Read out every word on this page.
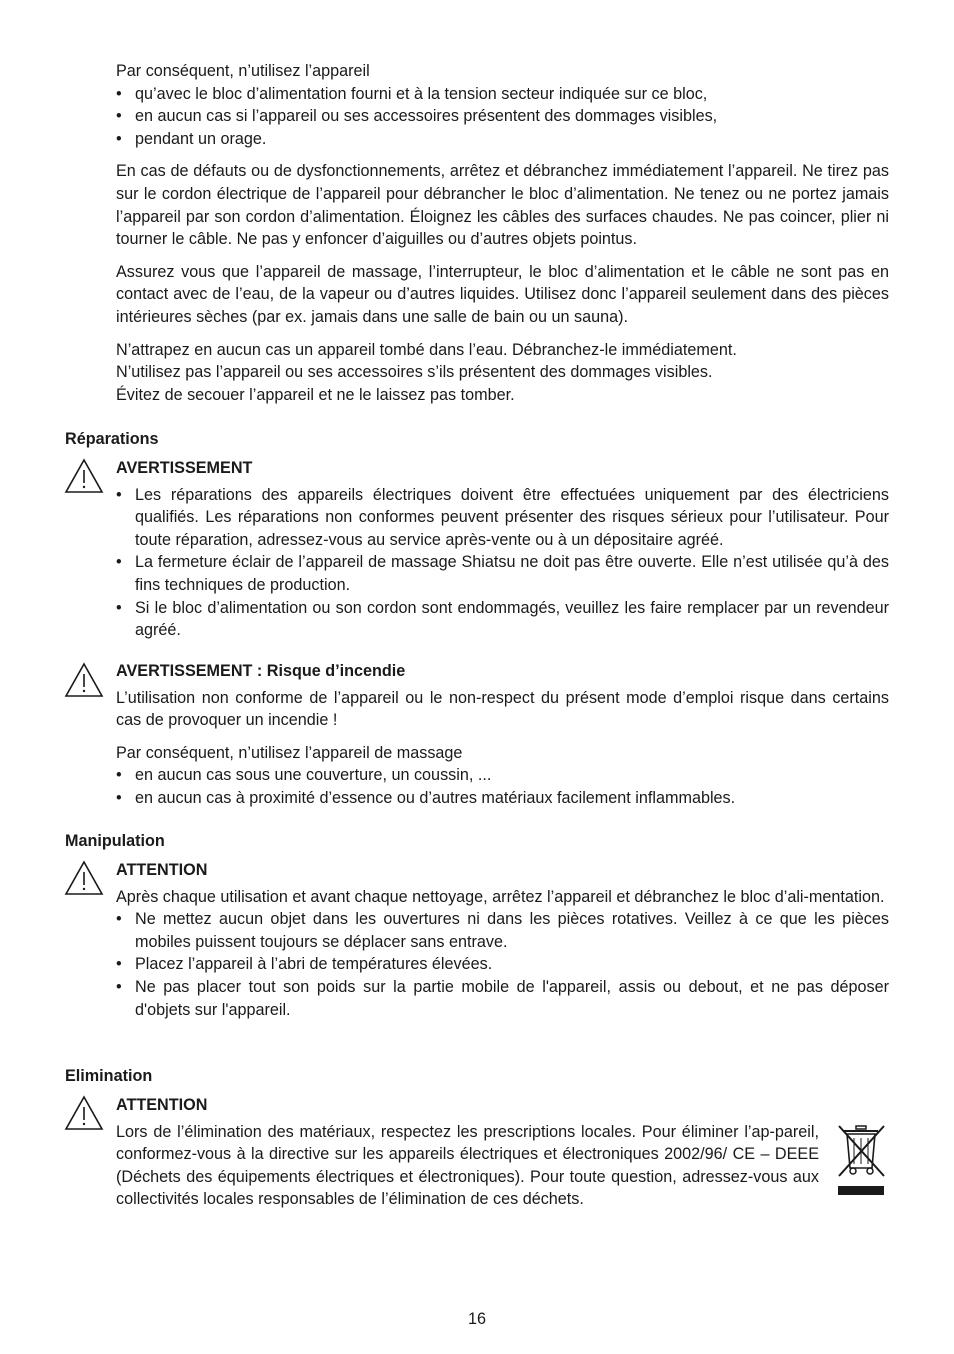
Par conséquent, n’utilisez l’appareil

• qu’avec le bloc d’alimentation fourni et à la tension secteur indiquée sur ce bloc,
• en aucun cas si l’appareil ou ses accessoires présentent des dommages visibles,
• pendant un orage.

En cas de défauts ou de dysfonctionnements, arrêtez et débranchez immédiatement l’appareil. Ne tirez pas sur le cordon électrique de l’appareil pour débrancher le bloc d’alimentation. Ne tenez ou ne portez jamais l’appareil par son cordon d’alimentation. Éloignez les câbles des surfaces chaudes. Ne pas coincer, plier ni tourner le câble. Ne pas y enfoncer d’aiguilles ou d’autres objets pointus.

Assurez vous que l’appareil de massage, l’interrupteur, le bloc d’alimentation et le câble ne sont pas en contact avec de l’eau, de la vapeur ou d’autres liquides. Utilisez donc l’appareil seulement dans des pièces intérieures sèches (par ex. jamais dans une salle de bain ou un sauna).

N’attrapez en aucun cas un appareil tombé dans l’eau. Débranchez-le immédiatement.

N’utilisez pas l’appareil ou ses accessoires s’ils présentent des dommages visibles.

Évitez de secouer l’appareil et ne le laissez pas tomber.

Réparations
AVERTISSEMENT
• Les réparations des appareils électriques doivent être effectuées uniquement par des électriciens qualifiés. Les réparations non conformes peuvent présenter des risques sérieux pour l’utilisateur. Pour toute réparation, adressez-vous au service après-vente ou à un dépositaire agréé.
• La fermeture éclair de l’appareil de massage Shiatsu ne doit pas être ouverte. Elle n’est utilisée qu’à des fins techniques de production.
• Si le bloc d’alimentation ou son cordon sont endommagés, veuillez les faire remplacer par un revendeur agréé.
AVERTISSEMENT : Risque d’incendie

L’utilisation non conforme de l’appareil ou le non-respect du présent mode d’emploi risque dans certains cas de provoquer un incendie !

Par conséquent, n’utilisez l’appareil de massage

• en aucun cas sous une couverture, un coussin, ...
• en aucun cas à proximité d’essence ou d’autres matériaux facilement inflammables.
Manipulation
ATTENTION

Après chaque utilisation et avant chaque nettoyage, arrêtez l’appareil et débranchez le bloc d’ali-mentation.

• Ne mettez aucun objet dans les ouvertures ni dans les pièces rotatives. Veillez à ce que les pièces mobiles puissent toujours se déplacer sans entrave.
• Placez l’appareil à l’abri de températures élevées.
• Ne pas placer tout son poids sur la partie mobile de l'appareil, assis ou debout, et ne pas déposer d'objets sur l'appareil.
Elimination
ATTENTION

Lors de l’élimination des matériaux, respectez les prescriptions locales. Pour éliminer l’ap-pareil, conformez-vous à la directive sur les appareils électriques et électroniques 2002/96/ CE – DEEE (Déchets des équipements électriques et électroniques). Pour toute question, adressez-vous aux collectivités locales responsables de l’élimination de ces déchets.

16
